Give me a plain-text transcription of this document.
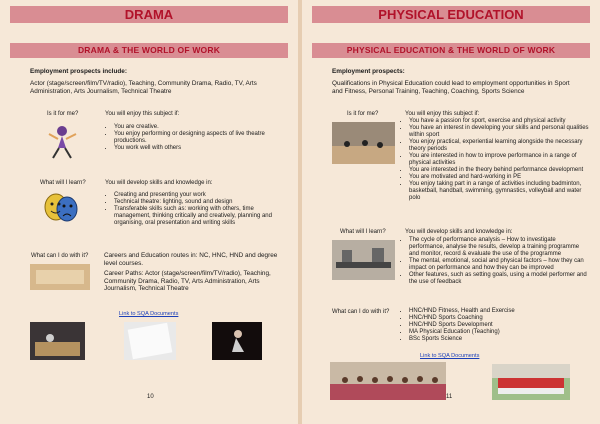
DRAMA
DRAMA & THE WORLD OF WORK
Employment prospects include:
Actor (stage/screen/film/TV/radio), Teaching, Community Drama, Radio, TV, Arts Administration, Arts Journalism, Technical Theatre
Is it for me?	You will enjoy this subject if:
• You are creative.
• You enjoy performing or designing aspects of live theatre productions.
• You work well with others
What will I learn?	You will develop skills and knowledge in:
• Creating and presenting your work
• Technical theatre: lighting, sound and design
• Transferable skills such as: working with others, time management, thinking critically and creatively, planning and organising, oral presentation and writing skills
What can I do with it? Careers and Education routes in: NC, HNC, HND and degree level courses.
Career Paths: Actor (stage/screen/film/TV/radio), Teaching, Community Drama, Radio, TV, Arts Administration, Arts Journalism, Technical Theatre
Link to SQA Documents
10
PHYSICAL EDUCATION
PHYSICAL EDUCATION & THE WORLD OF WORK
Employment prospects:
Qualifications in Physical Education could lead to employment opportunities in Sport and Fitness, Personal Training, Teaching, Coaching, Sports Science
Is it for me?	You will enjoy this subject if:
• You have a passion for sport, exercise and physical activity
• You have an interest in developing your skills and personal qualities within sport
• You enjoy practical, experiential learning alongside the necessary theory periods
• You are interested in how to improve performance in a range of physical activities
• You are interested in the theory behind performance development
• You are motivated and hard-working in PE
• You enjoy taking part in a range of activities including badminton, basketball, handball, swimming, gymnastics, volleyball and water polo
What will I learn?	You will develop skills and knowledge in:
• The cycle of performance analysis – How to investigate performance, analyse the results, develop a training programme and monitor, record & evaluate the use of the programme
• The mental, emotional, social and physical factors – how they can impact on performance and how they can be improved
• Other features, such as setting goals, using a model performer and the use of feedback
What can I do with it?
•	HNC/HND Fitness, Health and Exercise
• HNC/HND Sports Coaching
• HNC/HND Sports Development
• MA Physical Education (Teaching)
• BSc Sports Science
Link to SQA Documents
11
